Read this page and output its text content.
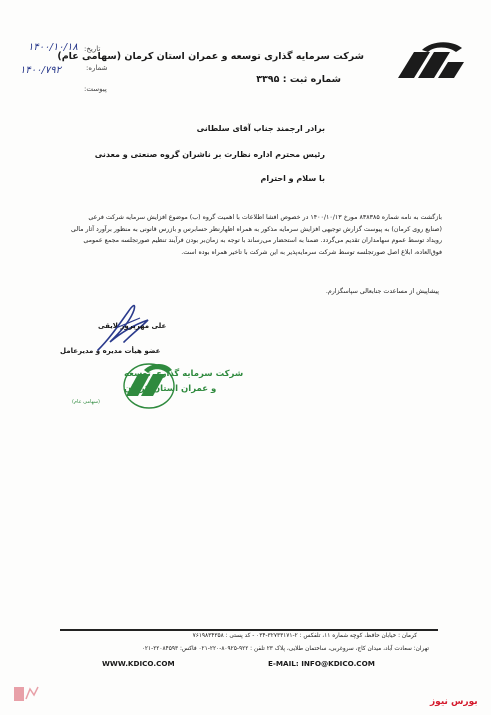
شرکت سرمایه گذاری توسعه و عمران استان کرمان (سهامی عام)
شماره ثبت : ۳۳۹۵
تاریخ:
۱۴۰۰/۱۰/۱۸
شماره:
۱۴۰۰/۷۹۲
پیوست:
برادر ارجمند جناب آقای سلطانی
رئیس محترم اداره نظارت بر ناشران گروه صنعتی و معدنی
با سلام و احترام
بازگشت به نامه شماره ۸۳۸۳۸۵ مورخ ۱۴۰۰/۱۰/۱۳ در خصوص افشا اطلاعات با اهمیت گروه (ب) موضوع افزایش سرمایه شرکت فرعی
(صنایع روی کرمان) به پیوست گزارش توجیهی افزایش سرمایه مذکور به همراه اظهارنظر حسابرس و بازرس قانونی به منظور برآورد آثار مالی
رویداد توسط عموم سهامداران تقدیم می‌گردد. ضمنا به استحضار می‌رساند با توجه به زمان‌بر بودن فرآیند تنظیم صورتجلسه مجمع عمومی
فوق‌العاده، ابلاغ اصل صورتجلسه توسط شرکت سرمایه‌پذیر به این شرکت با تاخیر همراه بوده است.
پیشاپیش از مساعدت جنابعالی سپاسگزارم.
علی مهرپرور لایقی
عضو هیأت مدیره و مدیرعامل
شرکت سرمایه گذاری توسعه
و عمران استان کرمان
(سهامی عام)
کرمان : خیابان حافظ، کوچه شماره ۱۱، تلفکس : ۲-۳۲۷۳۳۱۷۱-۰۳۴ - کد پستی : ۷۶۱۹۸۳۴۳۵۸
تهران: سعادت آباد، میدان کاج، سروغربی، ساختمان طلایی، پلاک ۲۳ تلفن : ۹۲۲-۸۰۹۲۵-۲۲۰-۰۲۱ فاکس: ۲۲۰۸۴۵۹۳-۰۲۱
WWW.KDICO.COM	E-MAIL: INFO@KDICO.COM
بورس نیوز
